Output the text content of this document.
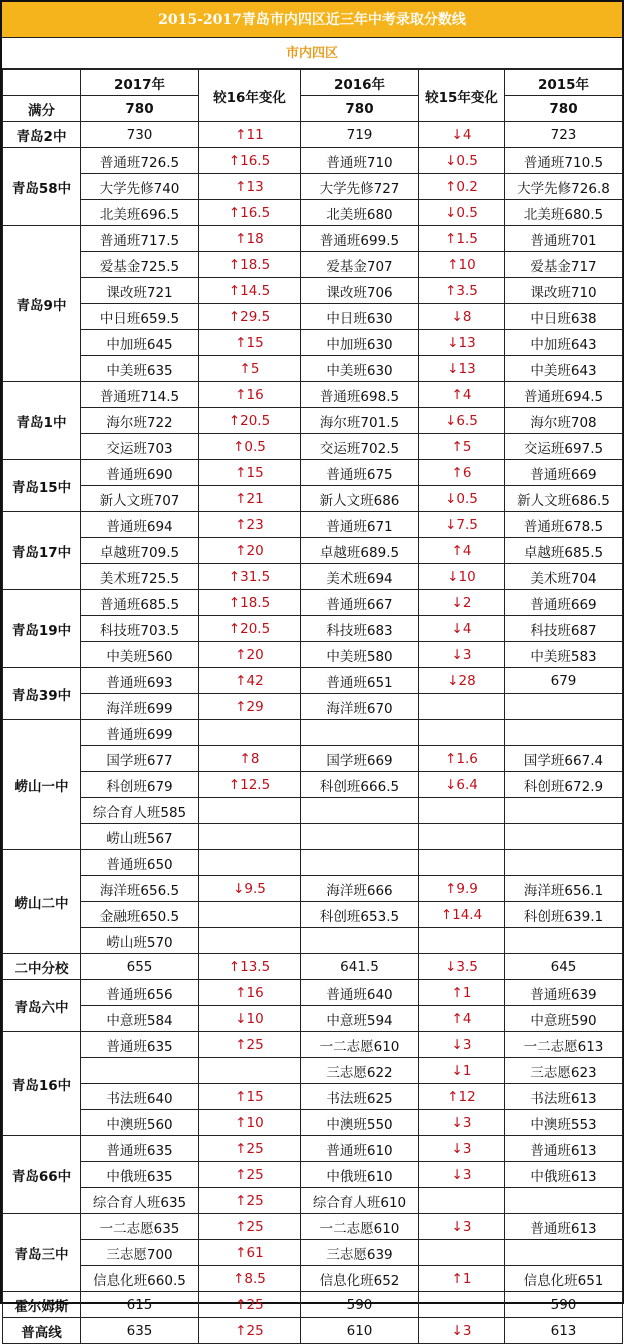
2015-2017青岛市内四区近三年中考录取分数线
市内四区
	2017年	较16年变化	2016年	较15年变化	2015年
满分	780		780		780
青岛2中	730	↑11	719	↓4	723
青岛58中	普通班726.5	↑16.5	普通班710	↓0.5	普通班710.5
	大学先修740	↑13	大学先修727	↑0.2	大学先修726.8
	北美班696.5	↑16.5	北美班680	↓0.5	北美班680.5
青岛9中	普通班717.5	↑18	普通班699.5	↑1.5	普通班701
	爱基金725.5	↑18.5	爱基金707	↑10	爱基金717
	课改班721	↑14.5	课改班706	↑3.5	课改班710
	中日班659.5	↑29.5	中日班630	↓8	中日班638
	中加班645	↑15	中加班630	↓13	中加班643
	中美班635	↑5	中美班630	↓13	中美班643
青岛1中	普通班714.5	↑16	普通班698.5	↑4	普通班694.5
	海尔班722	↑20.5	海尔班701.5	↓6.5	海尔班708
	交运班703	↑0.5	交运班702.5	↑5	交运班697.5
青岛15中	普通班690	↑15	普通班675	↑6	普通班669
	新人文班707	↑21	新人文班686	↓0.5	新人文班686.5
青岛17中	普通班694	↑23	普通班671	↓7.5	普通班678.5
	卓越班709.5	↑20	卓越班689.5	↑4	卓越班685.5
	美术班725.5	↑31.5	美术班694	↓10	美术班704
青岛19中	普通班685.5	↑18.5	普通班667	↓2	普通班669
	科技班703.5	↑20.5	科技班683	↓4	科技班687
	中美班560	↑20	中美班580	↓3	中美班583
青岛39中	普通班693	↑42	普通班651	↓28	679
	海洋班699	↑29	海洋班670		
崂山一中	普通班699				
	国学班677	↑8	国学班669	↑1.6	国学班667.4
	科创班679	↑12.5	科创班666.5	↓6.4	科创班672.9
	综合育人班585				
	崂山班567				
崂山二中	普通班650				
	海洋班656.5	↓9.5	海洋班666	↑9.9	海洋班656.1
	金融班650.5		科创班653.5	↑14.4	科创班639.1
	崂山班570				
二中分校	655	↑13.5	641.5	↓3.5	645
青岛六中	普通班656	↑16	普通班640	↑1	普通班639
	中意班584	↓10	中意班594	↑4	中意班590
青岛16中	普通班635	↑25	一二志愿610	↓3	一二志愿613
			三志愿622	↓1	三志愿623
	书法班640	↑15	书法班625	↑12	书法班613
	中澳班560	↑10	中澳班550	↓3	中澳班553
青岛66中	普通班635	↑25	普通班610	↓3	普通班613
	中俄班635	↑25	中俄班610	↓3	中俄班613
	综合育人班635	↑25	综合育人班610		
青岛三中	一二志愿635	↑25	一二志愿610	↓3	普通班613
	三志愿700	↑61	三志愿639		
	信息化班660.5	↑8.5	信息化班652	↑1	信息化班651
霍尔姆斯	615	↑25	590		590
普高线	635	↑25	610	↓3	613
